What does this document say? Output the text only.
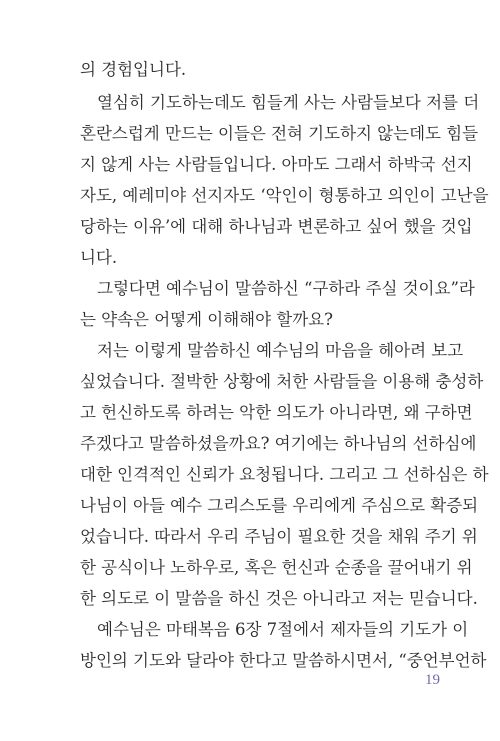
의 경험입니다.
열심히 기도하는데도 힘들게 사는 사람들보다 저를 더
혼란스럽게 만드는 이들은 전혀 기도하지 않는데도 힘들
지 않게 사는 사람들입니다. 아마도 그래서 하박국 선지
자도, 예레미야 선지자도 ‘악인이 형통하고 의인이 고난을
당하는 이유’에 대해 하나님과 변론하고 싶어 했을 것입
니다.
그렇다면 예수님이 말씀하신 “구하라 주실 것이요”라
는 약속은 어떻게 이해해야 할까요?
저는 이렇게 말씀하신 예수님의 마음을 헤아려 보고
싶었습니다. 절박한 상황에 처한 사람들을 이용해 충성하
고 헌신하도록 하려는 악한 의도가 아니라면, 왜 구하면
주겠다고 말씀하셨을까요? 여기에는 하나님의 선하심에
대한 인격적인 신뢰가 요청됩니다. 그리고 그 선하심은 하
나님이 아들 예수 그리스도를 우리에게 주심으로 확증되
었습니다. 따라서 우리 주님이 필요한 것을 채워 주기 위
한 공식이나 노하우로, 혹은 헌신과 순종을 끌어내기 위
한 의도로 이 말씀을 하신 것은 아니라고 저는 믿습니다.
예수님은 마태복음 6장 7절에서 제자들의 기도가 이
방인의 기도와 달라야 한다고 말씀하시면서, “중언부언하
19
